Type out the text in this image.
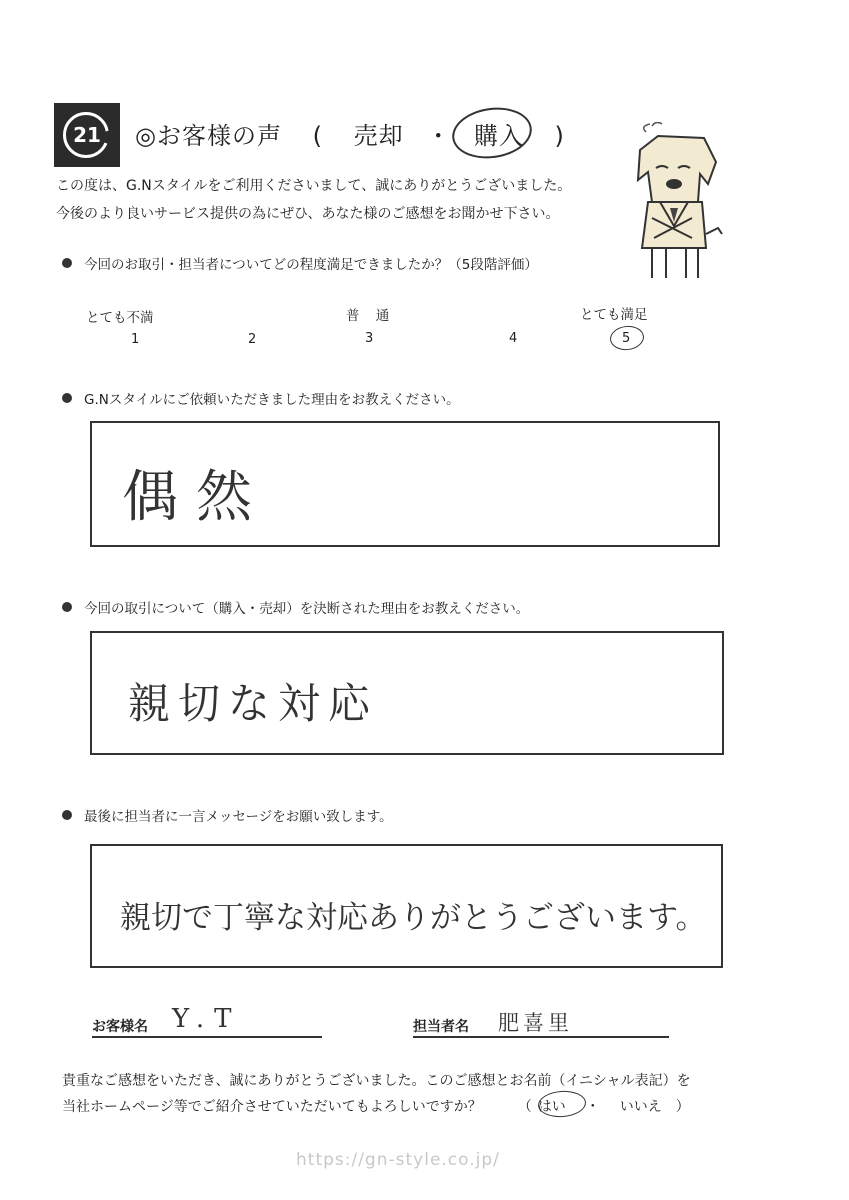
21	◎お客様の声 ( 売却 ・ 購入 )
この度は、G.Nスタイルをご利用くださいまして、誠にありがとうございました。
今後のより良いサービス提供の為にぜひ、あなた様のご感想をお聞かせ下さい。
今回のお取引・担当者についてどの程度満足できましたか？（5段階評価）
とても不満	普 通	とても満足
1	2	3	4	5
G.Nスタイルにご依頼いただきました理由をお教えください。
偶然
今回の取引について（購入・売却）を決断された理由をお教えください。
親切な対応
最後に担当者に一言メッセージをお願い致します。
親切で丁寧な対応ありがとうございます。
お客様名 Y.T	担当者名 肥喜里
貴重なご感想をいただき、誠にありがとうございました。このご感想とお名前（イニシャル表記）を
当社ホームページ等でご紹介させていただいてもよろしいですか？	（ はい ・ いいえ ）
https://gn-style.co.jp/
